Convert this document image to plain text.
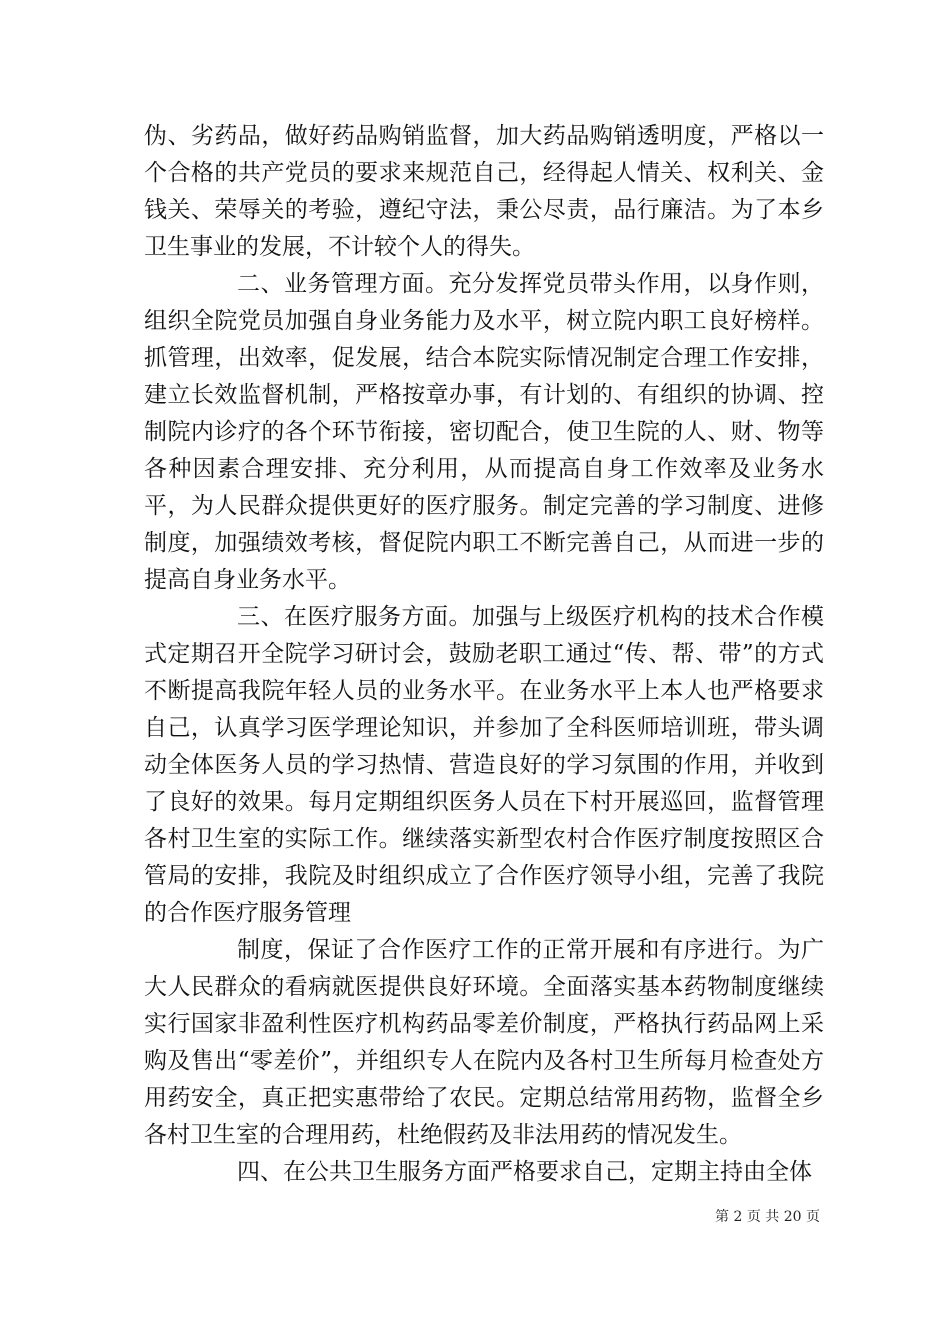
伪、劣药品，做好药品购销监督，加大药品购销透明度，严格以一个合格的共产党员的要求来规范自己，经得起人情关、权利关、金钱关、荣辱关的考验，遵纪守法，秉公尽责，品行廉洁。为了本乡卫生事业的发展，不计较个人的得失。

二、业务管理方面。充分发挥党员带头作用，以身作则，组织全院党员加强自身业务能力及水平，树立院内职工良好榜样。抓管理，出效率，促发展，结合本院实际情况制定合理工作安排，建立长效监督机制，严格按章办事，有计划的、有组织的协调、控制院内诊疗的各个环节衔接，密切配合，使卫生院的人、财、物等各种因素合理安排、充分利用，从而提高自身工作效率及业务水平，为人民群众提供更好的医疗服务。制定完善的学习制度、进修制度，加强绩效考核，督促院内职工不断完善自己，从而进一步的提高自身业务水平。

三、在医疗服务方面。加强与上级医疗机构的技术合作模式定期召开全院学习研讨会，鼓励老职工通过“传、帮、带”的方式不断提高我院年轻人员的业务水平。在业务水平上本人也严格要求自己，认真学习医学理论知识，并参加了全科医师培训班，带头调动全体医务人员的学习热情、营造良好的学习氛围的作用，并收到了良好的效果。每月定期组织医务人员在下村开展巡回，监督管理各村卫生室的实际工作。继续落实新型农村合作医疗制度按照区合管局的安排，我院及时组织成立了合作医疗领导小组，完善了我院的合作医疗服务管理

制度，保证了合作医疗工作的正常开展和有序进行。为广大人民群众的看病就医提供良好环境。全面落实基本药物制度继续实行国家非盈利性医疗机构药品零差价制度，严格执行药品网上采购及售出“零差价”，并组织专人在院内及各村卫生所每月检查处方用药安全，真正把实惠带给了农民。定期总结常用药物，监督全乡各村卫生室的合理用药，杜绝假药及非法用药的情况发生。

四、在公共卫生服务方面严格要求自己，定期主持由全体

第 2 页 共 20 页
